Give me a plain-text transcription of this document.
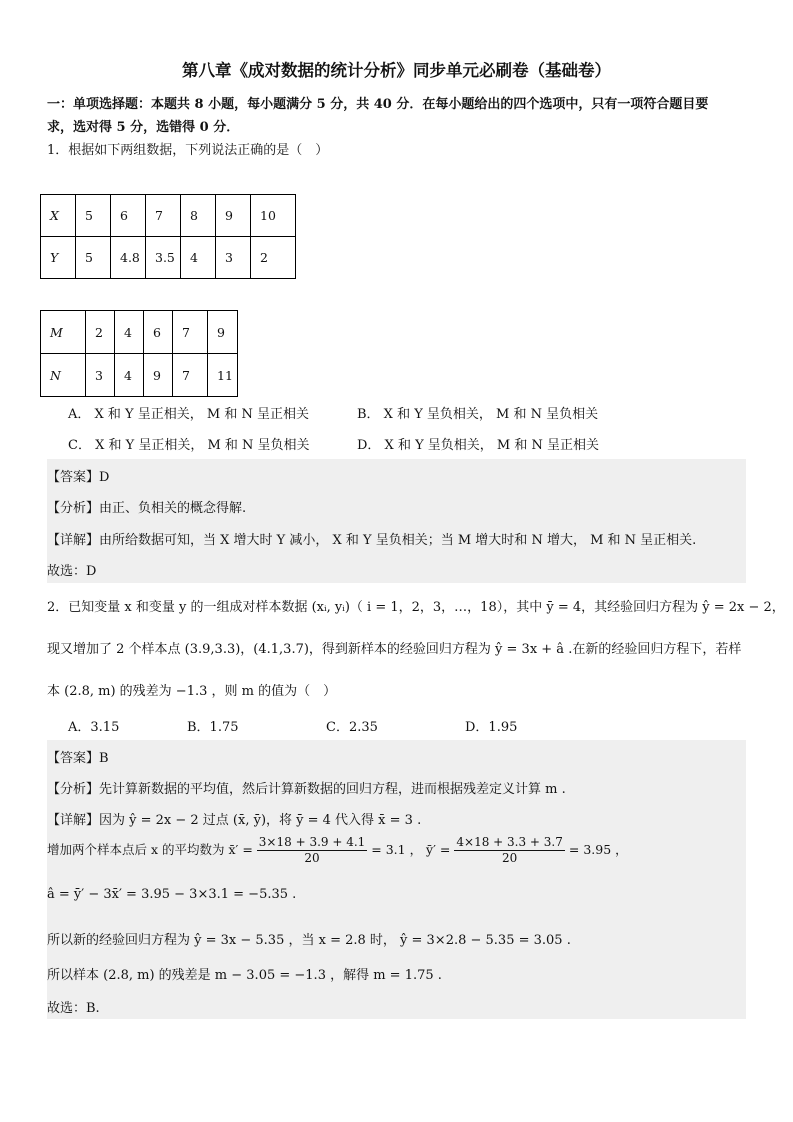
第八章《成对数据的统计分析》同步单元必刷卷（基础卷）
一：单项选择题：本题共 8 小题，每小题满分 5 分，共 40 分．在每小题给出的四个选项中，只有一项符合题目要
求，选对得 5 分，选错得 0 分．
1．根据如下两组数据，下列说法正确的是（　）
X	5	6	7	8	9	10
Y	5	4.8	3.5	4	3	2
M	2	4	6	7	9
N	3	4	9	7	11
A． X 和 Y 呈正相关， M 和 N 呈正相关	B． X 和 Y 呈负相关， M 和 N 呈负相关
C． X 和 Y 呈正相关， M 和 N 呈负相关	D． X 和 Y 呈负相关， M 和 N 呈正相关
【答案】D
【分析】由正、负相关的概念得解.
【详解】由所给数据可知，当 X 增大时 Y 减小， X 和 Y 呈负相关；当 M 增大时和 N 增大， M 和 N 呈正相关.
故选：D
2．已知变量 x 和变量 y 的一组成对样本数据 (xᵢ, yᵢ)（ i = 1，2，3，…，18），其中 ȳ = 4，其经验回归方程为 ŷ = 2x − 2，
现又增加了 2 个样本点 (3.9,3.3)，(4.1,3.7)，得到新样本的经验回归方程为 ŷ = 3x + â .在新的经验回归方程下，若样
本 (2.8, m) 的残差为 −1.3 ，则 m 的值为（　）
A．3.15	B．1.75	C．2.35	D．1.95
【答案】B
【分析】先计算新数据的平均值，然后计算新数据的回归方程，进而根据残差定义计算 m .
【详解】因为 ŷ = 2x − 2 过点 (x̄, ȳ)，将 ȳ = 4 代入得 x̄ = 3 .
增加两个样本点后 x 的平均数为 x̄′ = $\frac{3\times 18 + 3.9 + 4.1}{20} = 3.1$ ， ȳ′ = $\frac{4\times 18 + 3.3 + 3.7}{20} = 3.95$ ，
â = ȳ′ − 3x̄′ = 3.95 − 3×3.1 = −5.35 .
所以新的经验回归方程为 ŷ = 3x − 5.35 ，当 x = 2.8 时， ŷ = 3×2.8 − 5.35 = 3.05 .
所以样本 (2.8, m) 的残差是 m − 3.05 = −1.3 ，解得 m = 1.75 .
故选：B.
